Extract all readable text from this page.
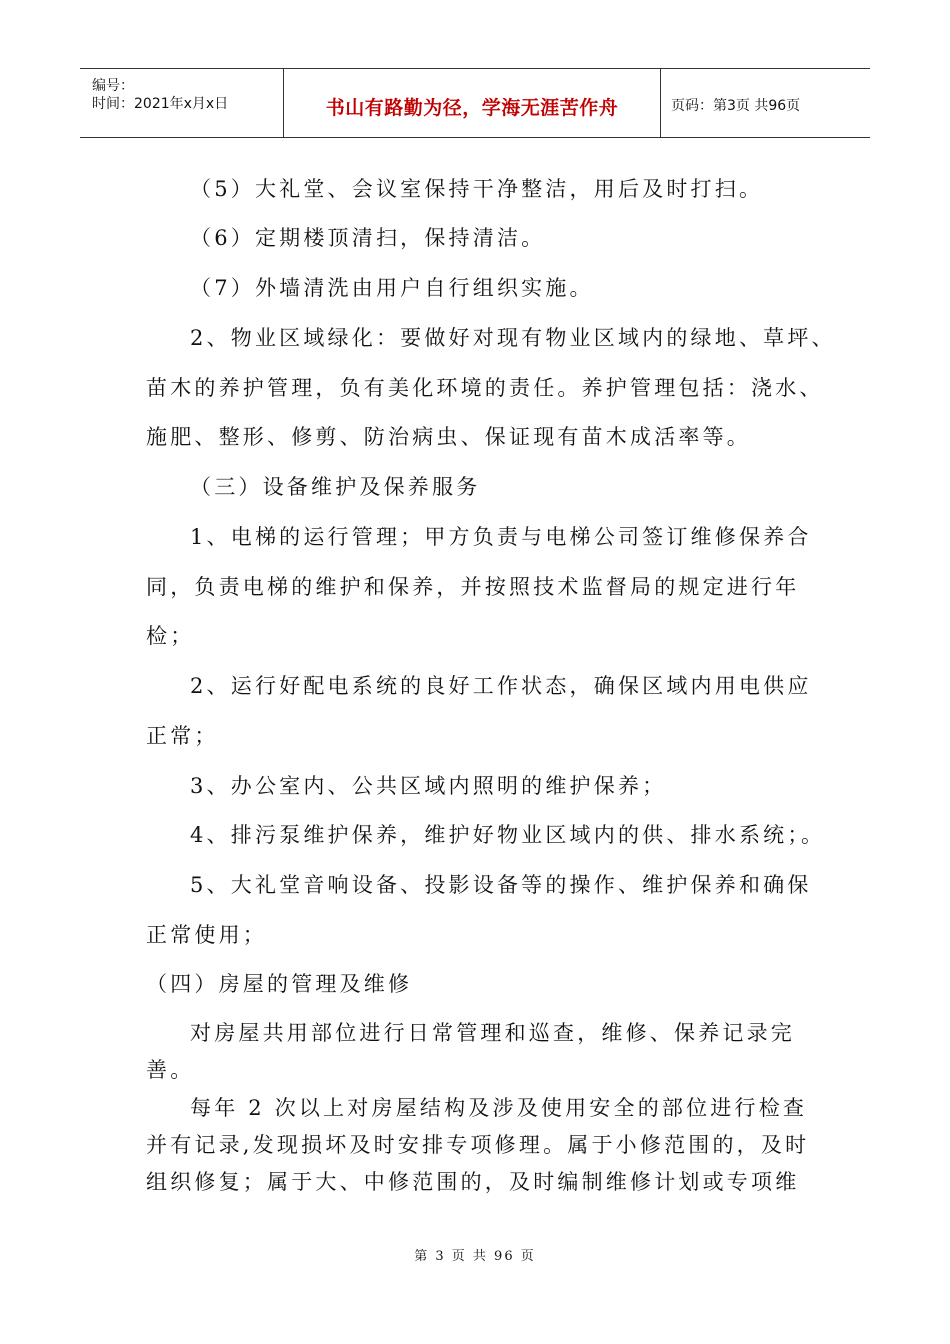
编号：
时间：2021年x月x日	书山有路勤为径，学海无涯苦作舟	页码：第3页 共96页
（5）大礼堂、会议室保持干净整洁，用后及时打扫。
（6）定期楼顶清扫，保持清洁。
（7）外墙清洗由用户自行组织实施。
2、物业区域绿化：要做好对现有物业区域内的绿地、草坪、
苗木的养护管理，负有美化环境的责任。养护管理包括：浇水、
施肥、整形、修剪、防治病虫、保证现有苗木成活率等。
（三）设备维护及保养服务
1、电梯的运行管理；甲方负责与电梯公司签订维修保养合
同，负责电梯的维护和保养，并按照技术监督局的规定进行年
检；
2、运行好配电系统的良好工作状态，确保区域内用电供应
正常；
3、办公室内、公共区域内照明的维护保养；
4、排污泵维护保养，维护好物业区域内的供、排水系统；。
5、大礼堂音响设备、投影设备等的操作、维护保养和确保
正常使用；
（四）房屋的管理及维修
对房屋共用部位进行日常管理和巡查，维修、保养记录完
善。
每年 2 次以上对房屋结构及涉及使用安全的部位进行检查
并有记录,发现损坏及时安排专项修理。属于小修范围的，及时
组织修复；属于大、中修范围的，及时编制维修计划或专项维
第 3 页 共 96 页
